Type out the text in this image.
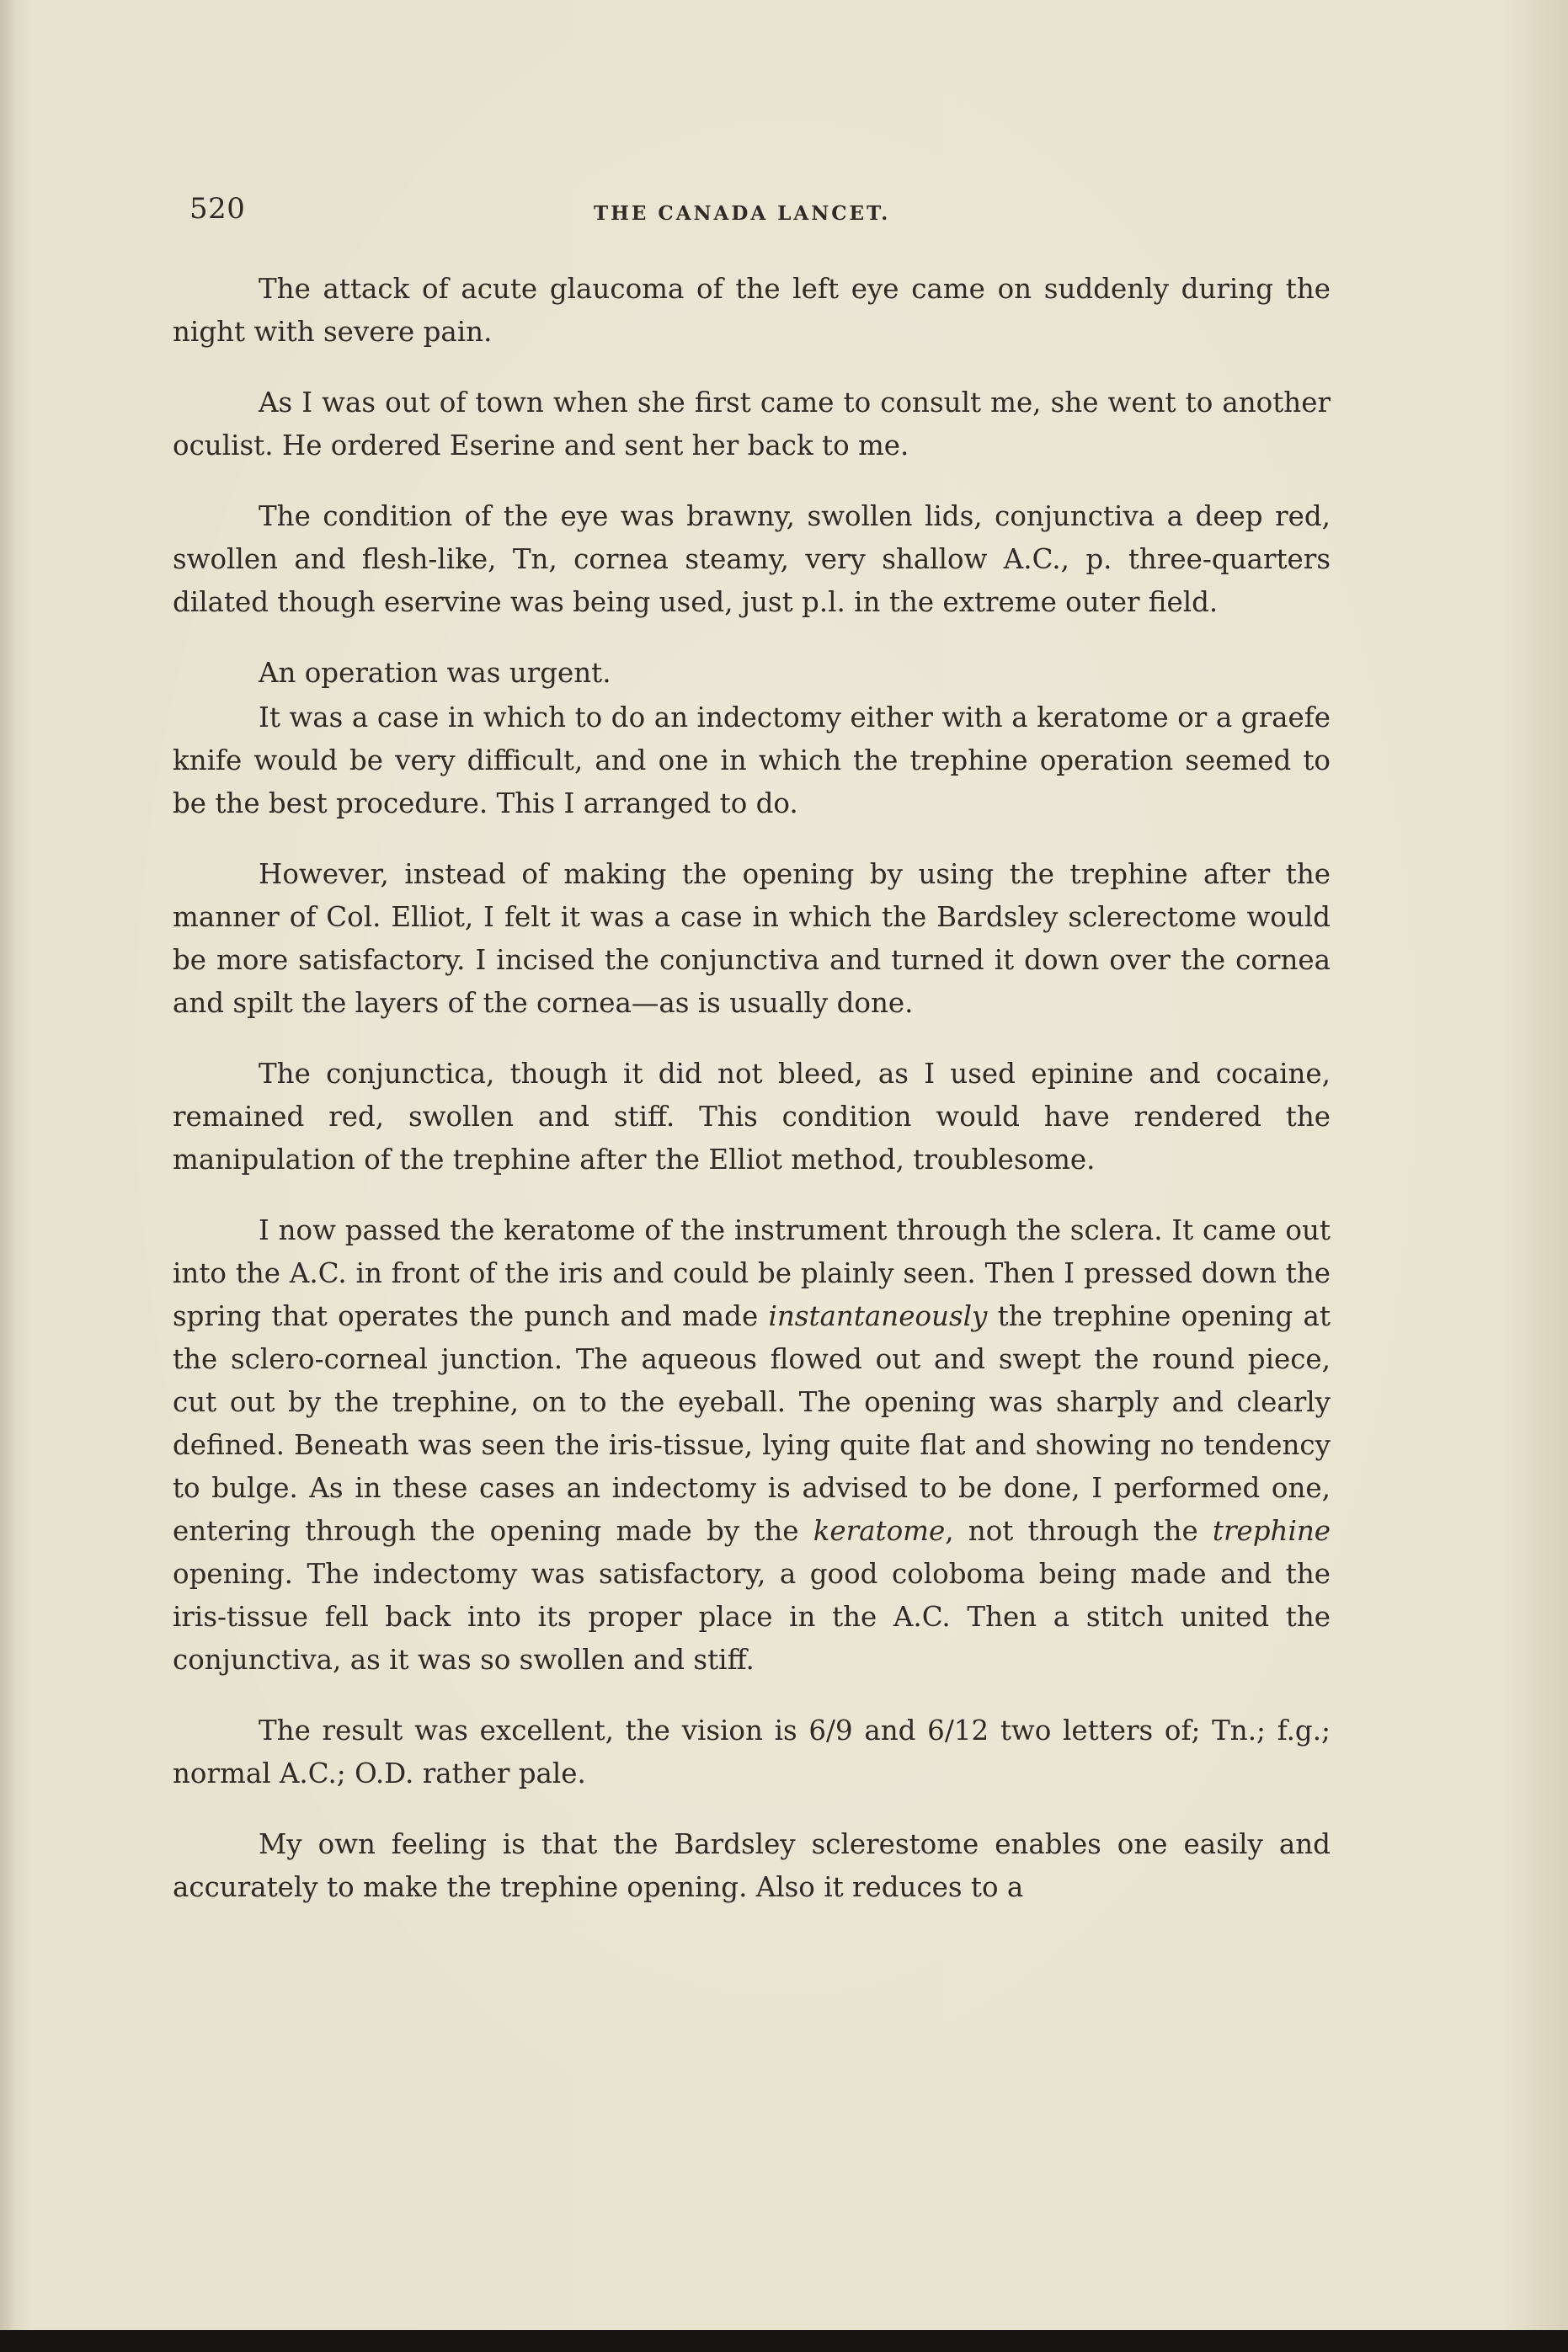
520	THE CANADA LANCET.

The attack of acute glaucoma of the left eye came on suddenly during the night with severe pain.

As I was out of town when she first came to consult me, she went to another oculist. He ordered Eserine and sent her back to me.

The condition of the eye was brawny, swollen lids, conjunctiva a deep red, swollen and flesh-like, Tn, cornea steamy, very shallow A.C., p. three-quarters dilated though eservine was being used, just p.l. in the extreme outer field.

An operation was urgent.

It was a case in which to do an indectomy either with a keratome or a graefe knife would be very difficult, and one in which the trephine operation seemed to be the best procedure. This I arranged to do.

However, instead of making the opening by using the trephine after the manner of Col. Elliot, I felt it was a case in which the Bardsley sclerectome would be more satisfactory. I incised the conjunctiva and turned it down over the cornea and spilt the layers of the cornea—as is usually done.

The conjunctica, though it did not bleed, as I used epinine and cocaine, remained red, swollen and stiff. This condition would have rendered the manipulation of the trephine after the Elliot method, troublesome.

I now passed the keratome of the instrument through the sclera. It came out into the A.C. in front of the iris and could be plainly seen. Then I pressed down the spring that operates the punch and made instantaneously the trephine opening at the sclero-corneal junction. The aqueous flowed out and swept the round piece, cut out by the trephine, on to the eyeball. The opening was sharply and clearly defined. Beneath was seen the iris-tissue, lying quite flat and showing no tendency to bulge. As in these cases an indectomy is advised to be done, I performed one, entering through the opening made by the keratome, not through the trephine opening. The indectomy was satisfactory, a good coloboma being made and the iris-tissue fell back into its proper place in the A.C. Then a stitch united the conjunctiva, as it was so swollen and stiff.

The result was excellent, the vision is 6/9 and 6/12 two letters of; Tn.; f.g.; normal A.C.; O.D. rather pale.

My own feeling is that the Bardsley sclerestome enables one easily and accurately to make the trephine opening. Also it reduces to a
